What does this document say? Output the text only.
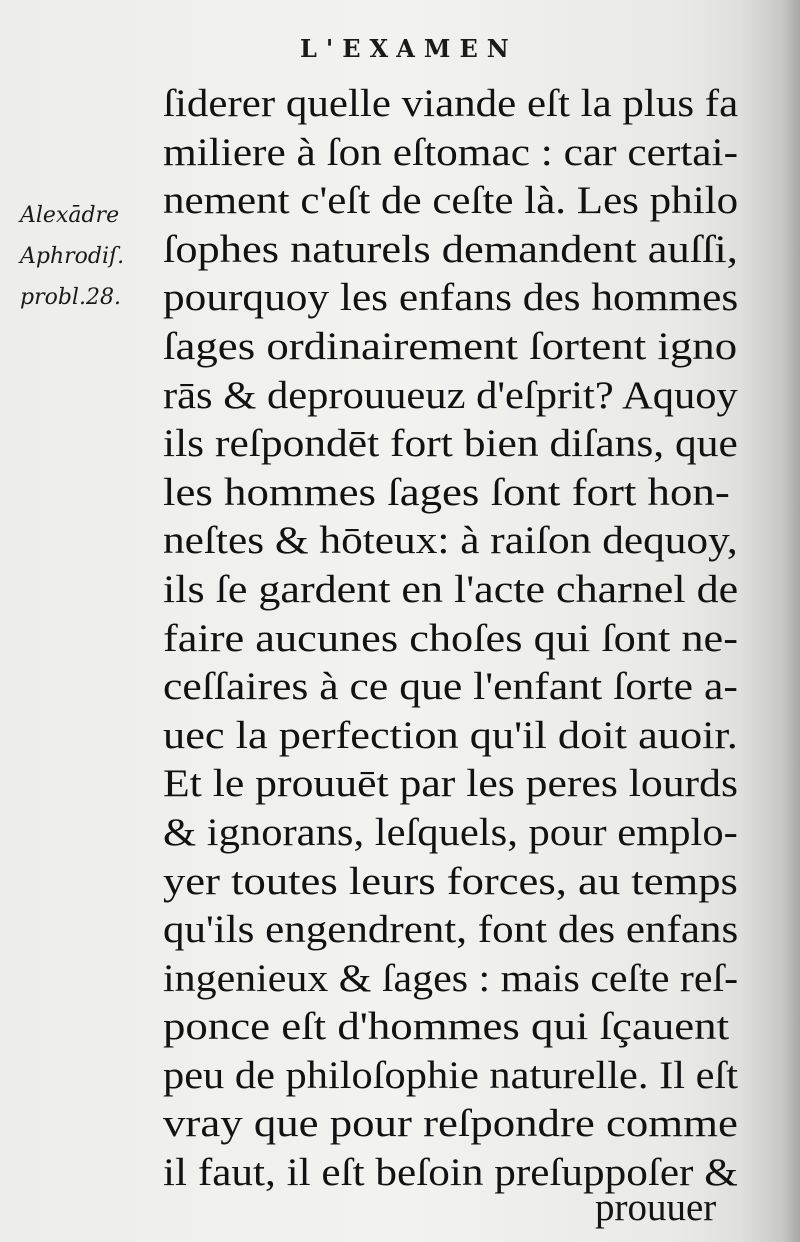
L'EXAMEN
Alexādre
Aphrodiſ.
probl.28.
ſiderer quelle viande eſt la plus fa
miliere à ſon eſtomac : car certai-
nement c'eſt de ceſte là. Les philo
ſophes naturels demandent auſſi,
pourquoy les enfans des hommes
ſages ordinairement ſortent igno
rās & deprouueuz d'eſprit? Aquoy
ils reſpondēt fort bien diſans, que
les hommes ſages ſont fort hon-
neſtes & hōteux: à raiſon dequoy,
ils ſe gardent en l'acte charnel de
faire aucunes choſes qui ſont ne-
ceſſaires à ce que l'enfant ſorte a-
uec la perfection qu'il doit auoir.
Et le prouuēt par les peres lourds
& ignorans, leſquels, pour emplo-
yer toutes leurs forces, au temps
qu'ils engendrent, font des enfans
ingenieux & ſages : mais ceſte reſ-
ponce eſt d'hommes qui ſçauent
peu de philoſophie naturelle. Il eſt
vray que pour reſpondre comme
il faut, il eſt beſoin preſuppoſer &
prouuer
